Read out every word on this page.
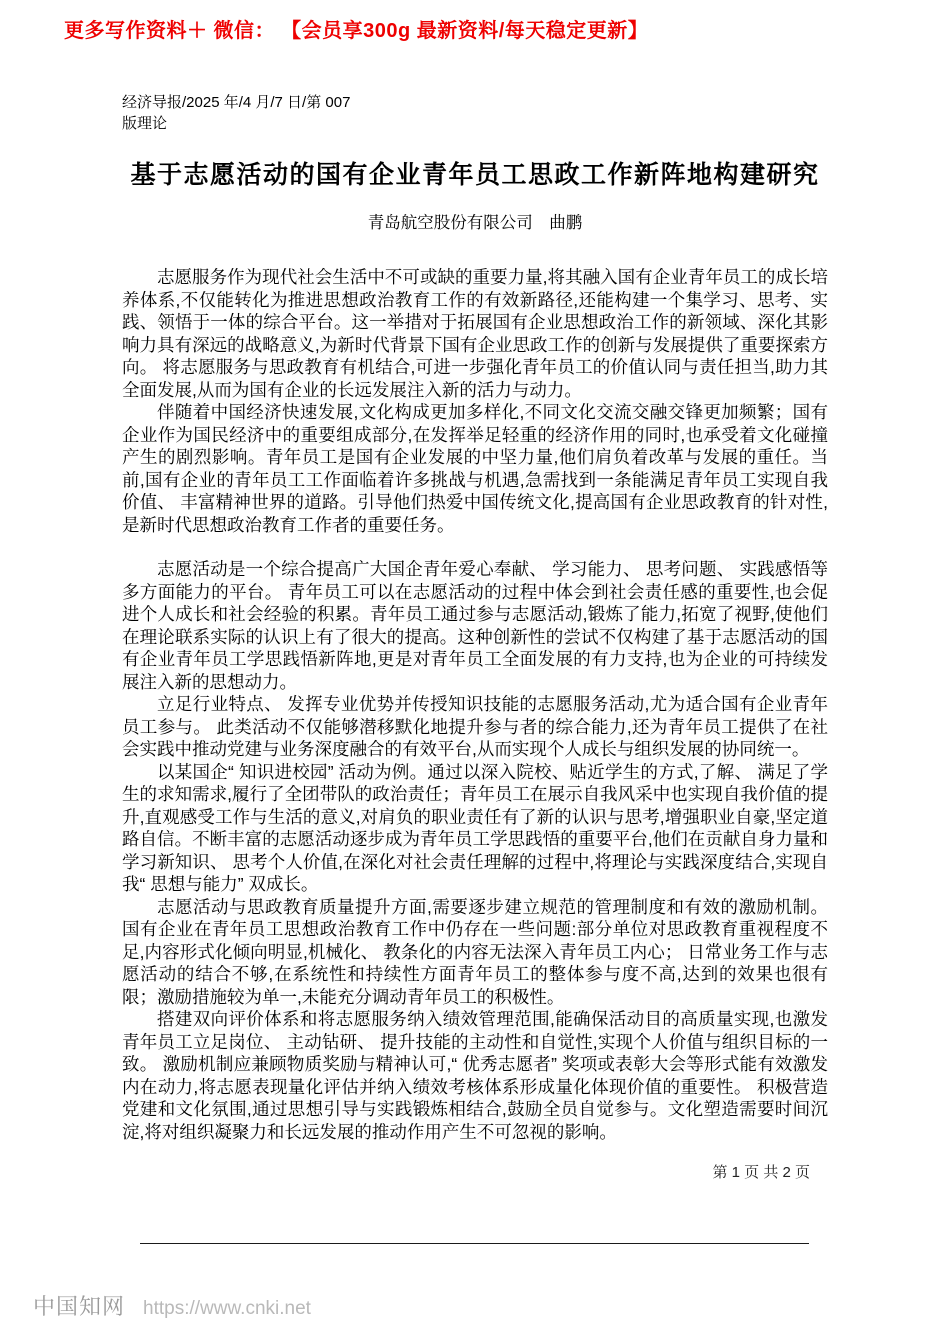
更多写作资料＋ 微信： 【会员享300g 最新资料/每天稳定更新】
经济导报/2025 年/4 月/7 日/第 007
版理论
基于志愿活动的国有企业青年员工思政工作新阵地构建研究
青岛航空股份有限公司　曲鹏

志愿服务作为现代社会生活中不可或缺的重要力量,将其融入国有企业青年员工的成长培养体系,不仅能转化为推进思想政治教育工作的有效新路径,还能构建一个集学习、思考、实践、领悟于一体的综合平台。这一举措对于拓展国有企业思想政治工作的新领域、深化其影响力具有深远的战略意义,为新时代背景下国有企业思政工作的创新与发展提供了重要探索方向。 将志愿服务与思政教育有机结合,可进一步强化青年员工的价值认同与责任担当,助力其全面发展,从而为国有企业的长远发展注入新的活力与动力。

伴随着中国经济快速发展,文化构成更加多样化,不同文化交流交融交锋更加频繁；国有企业作为国民经济中的重要组成部分,在发挥举足轻重的经济作用的同时,也承受着文化碰撞产生的剧烈影响。青年员工是国有企业发展的中坚力量,他们肩负着改革与发展的重任。当前,国有企业的青年员工工作面临着许多挑战与机遇,急需找到一条能满足青年员工实现自我价值、 丰富精神世界的道路。引导他们热爱中国传统文化,提高国有企业思政教育的针对性,是新时代思想政治教育工作者的重要任务。

志愿活动是一个综合提高广大国企青年爱心奉献、 学习能力、 思考问题、 实践感悟等多方面能力的平台。 青年员工可以在志愿活动的过程中体会到社会责任感的重要性,也会促进个人成长和社会经验的积累。青年员工通过参与志愿活动,锻炼了能力,拓宽了视野,使他们在理论联系实际的认识上有了很大的提高。这种创新性的尝试不仅构建了基于志愿活动的国有企业青年员工学思践悟新阵地,更是对青年员工全面发展的有力支持,也为企业的可持续发展注入新的思想动力。

立足行业特点、 发挥专业优势并传授知识技能的志愿服务活动,尤为适合国有企业青年员工参与。 此类活动不仅能够潜移默化地提升参与者的综合能力,还为青年员工提供了在社会实践中推动党建与业务深度融合的有效平台,从而实现个人成长与组织发展的协同统一。

以某国企“ 知识进校园” 活动为例。通过以深入院校、贴近学生的方式,了解、 满足了学生的求知需求,履行了全团带队的政治责任；青年员工在展示自我风采中也实现自我价值的提升,直观感受工作与生活的意义,对肩负的职业责任有了新的认识与思考,增强职业自豪,坚定道路自信。不断丰富的志愿活动逐步成为青年员工学思践悟的重要平台,他们在贡献自身力量和学习新知识、 思考个人价值,在深化对社会责任理解的过程中,将理论与实践深度结合,实现自我“ 思想与能力” 双成长。

志愿活动与思政教育质量提升方面,需要逐步建立规范的管理制度和有效的激励机制。 国有企业在青年员工思想政治教育工作中仍存在一些问题:部分单位对思政教育重视程度不足,内容形式化倾向明显,机械化、 教条化的内容无法深入青年员工内心； 日常业务工作与志愿活动的结合不够,在系统性和持续性方面青年员工的整体参与度不高,达到的效果也很有限；激励措施较为单一,未能充分调动青年员工的积极性。

搭建双向评价体系和将志愿服务纳入绩效管理范围,能确保活动目的高质量实现,也激发青年员工立足岗位、 主动钻研、 提升技能的主动性和自觉性,实现个人价值与组织目标的一致。 激励机制应兼顾物质奖励与精神认可,“ 优秀志愿者” 奖项或表彰大会等形式能有效激发内在动力,将志愿表现量化评估并纳入绩效考核体系形成量化体现价值的重要性。 积极营造党建和文化氛围,通过思想引导与实践锻炼相结合,鼓励全员自觉参与。文化塑造需要时间沉淀,将对组织凝聚力和长远发展的推动作用产生不可忽视的影响。

第 1 页 共 2 页
中国知网 https://www.cnki.net
